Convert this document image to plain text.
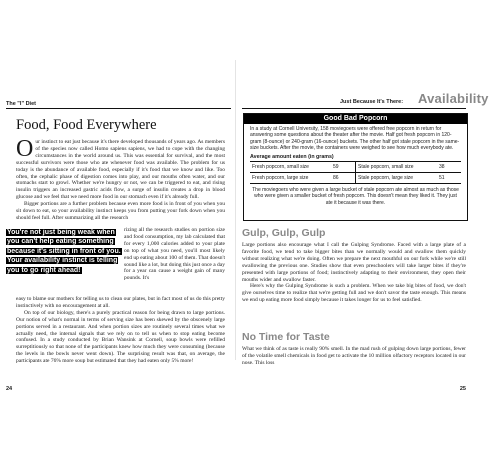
The "I" Diet
Food, Food Everywhere

Our instinct to eat just because it's there developed thousands of years ago. As members of the species now called Homo sapiens sapiens, we had to cope with the changing circumstances in the world around us. This was essential for survival, and the most successful survivors were those who ate whenever food was available. The problem for us today is the abundance of available food, especially if it's food that we know and like. Too often, the cephalic phase of digestion comes into play, and our mouths often water, and our stomachs start to growl. Whether we're hungry or not, we can be triggered to eat, and rising insulin triggers an increased gastric acids flow, a surge of insulin creates a drop in blood glucose and we feel that we need more food in our stomach even if it's already full.

Bigger portions are a further problem because even more food is in front of you when you sit down to eat, so your availability instinct keeps you from putting your fork down when you should feel full. After summarizing all the research

You're not just being weak when you can't help eating something because it's sitting in front of you. Your availability instinct is telling you to go right ahead!
rizing all the research studies on portion size and food consumption, my lab calculated that for every 1,000 calories added to your plate on top of what you need, you'll most likely end up eating about 100 of them. That doesn't sound like a lot, but doing this just once a day for a year can cause a weight gain of many pounds. It's

easy to blame our mothers for telling us to clean our plates, but in fact most of us do this pretty instinctively with no encouragement at all.

On top of our biology, there's a purely practical reason for being drawn to large portions. Our notion of what's normal in terms of serving size has been skewed by the obscenely large portions served in a restaurant. And when portion sizes are routinely several times what we actually need, the internal signals that we rely on to tell us when to stop eating become confused. In a study conducted by Brian Wansink at Cornell, soup bowls were refilled surreptitiously so that none of the participants knew how much they were consuming (because the levels in the bowls never went down). The surprising result was that, on average, the participants ate 76% more soup but estimated that they had eaten only 5% more!

24
Just Because It's There: Availability
Good Bad Popcorn

In a study at Cornell University, 158 moviegoers were offered free popcorn in return for answering some questions about the theater after the movie. Half got fresh popcorn in 120-gram (8-ounce) or 240-gram (16-ounce) buckets. The other half got stale popcorn in the same-size buckets. After the movie, the containers were weighed to see how much everybody ate.

Average amount eaten (in grams)
Fresh popcorn, small size	59	Stale popcorn, small size	38
Fresh popcorn, large size	86	Stale popcorn, large size	51

The moviegoers who were given a large bucket of stale popcorn ate almost as much as those who were given a smaller bucket of fresh popcorn. This doesn't mean they liked it. They just ate it because it was there.

Gulp, Gulp, Gulp

Large portions also encourage what I call the Gulping Syndrome. Faced with a large plate of a favorite food, we tend to take bigger bites than we normally would and swallow them quickly without realizing what we're doing. Often we prepare the next mouthful on our fork while we're still swallowing the previous one. Studies show that even preschoolers will take larger bites if they're presented with large portions of food; instinctively adapting to their environment, they open their mouths wider and swallow faster.

Here's why the Gulping Syndrome is such a problem. When we take big bites of food, we don't give ourselves time to realize that we're getting full and we don't savor the taste enough. This means we end up eating more food simply because it takes longer for us to feel satisfied.

No Time for Taste

What we think of as taste is really 90% smell. In the mad rush of gulping down large portions, fewer of the volatile smell chemicals in food get to activate the 10 million olfactory receptors located in our nose. This loss

25
